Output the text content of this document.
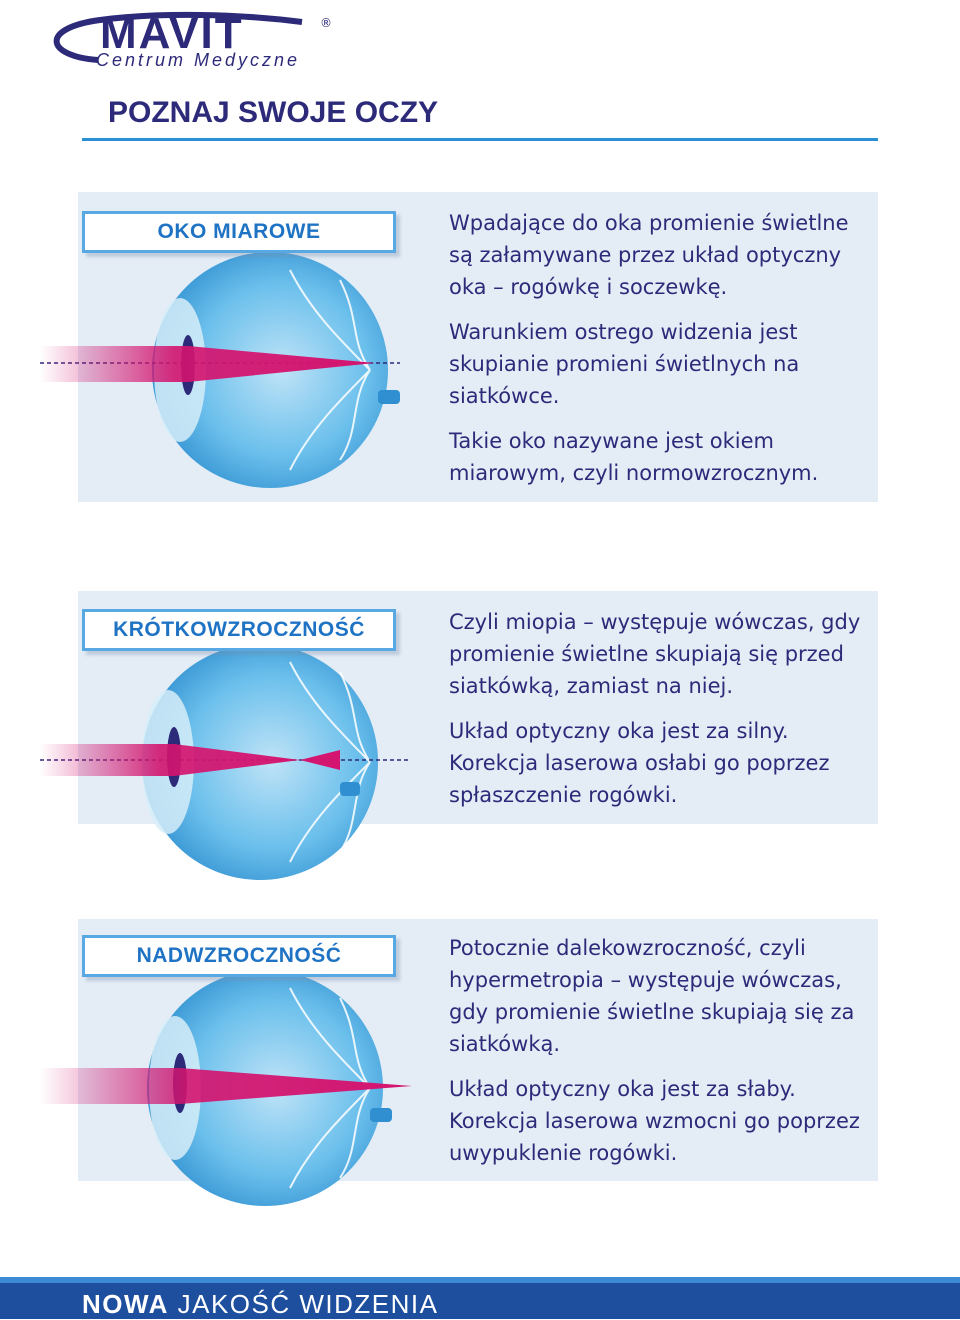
MAVIT	®
Centrum Medyczne
POZNAJ SWOJE OCZY
OKO MIAROWE
KRÓTKOWZROCZNOŚĆ
NADWZROCZNOŚĆ

Wpadające do oka promienie świetlne są załamywane przez układ optyczny oka – rogówkę i soczewkę.

Warunkiem ostrego widzenia jest skupianie promieni świetlnych na siatkówce.

Takie oko nazywane jest okiem miarowym, czyli normowzrocznym.

Czyli miopia – występuje wówczas, gdy promienie świetlne skupiają się przed siatkówką, zamiast na niej.

Układ optyczny oka jest za silny. Korekcja laserowa osłabi go poprzez spłaszczenie rogówki.

Potocznie dalekowzroczność, czyli hypermetropia – występuje wówczas, gdy promienie świetlne skupiają się za siatkówką.

Układ optyczny oka jest za słaby. Korekcja laserowa wzmocni go poprzez uwypuklenie rogówki.

NOWA JAKOŚĆ WIDZENIA
